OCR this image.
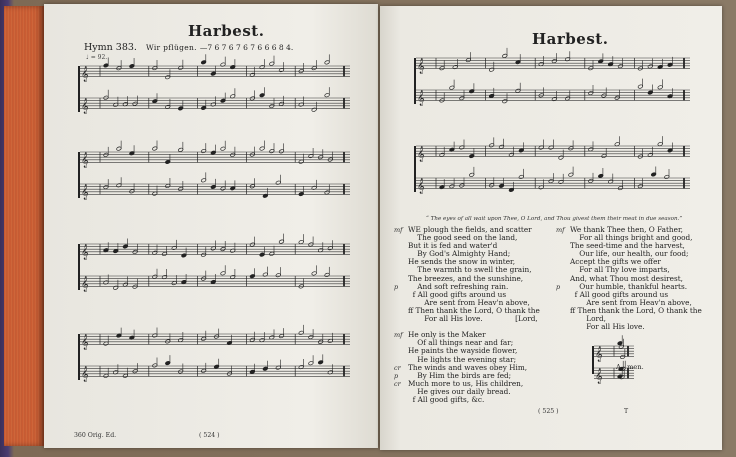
Harbest.
Hymn 383. Wir pflügen. —7 6 7 6 7 6 7 6 6 6 8 4.
♩ = 92.
𝄞
𝄞
𝄞
𝄞
𝄞
𝄞
𝄞
𝄞
360 Orig. Ed.	( 524 )
Harbest.
𝄞
𝄞
𝄞
𝄞
𝄞
𝄞
“ The eyes of all wait upon Thee, O Lord, and Thou givest them their meat in due season.”
mf WE plough the fields, and scatter
The good seed on the land,
But it is fed and water'd
By God's Almighty Hand;
He sends the snow in winter,
The warmth to swell the grain,
The breezes, and the sunshine,
p    And soft refreshing rain.
f All good gifts around us
Are sent from Heav'n above,
ff Then thank the Lord, O thank the
For all His love.              [Lord,
mf He only is the Maker
Of all things near and far;
He paints the wayside flower,
He lights the evening star;
cr The winds and waves obey Him,
p    By Him the birds are fed;
cr Much more to us, His children,
He gives our daily bread.
f All good gifts, &c.
mf We thank Thee then, O Father,
For all things bright and good,
The seed-time and the harvest,
Our life, our health, our food;
Accept the gifts we offer
For all Thy love imparts,
And, what Thou most desirest,
p    Our humble, thankful hearts.
f All good gifts around us
Are sent from Heav'n above,
ff Then thank the Lord, O thank the
Lord,
For all His love.
A - men.
( 525 )	T
